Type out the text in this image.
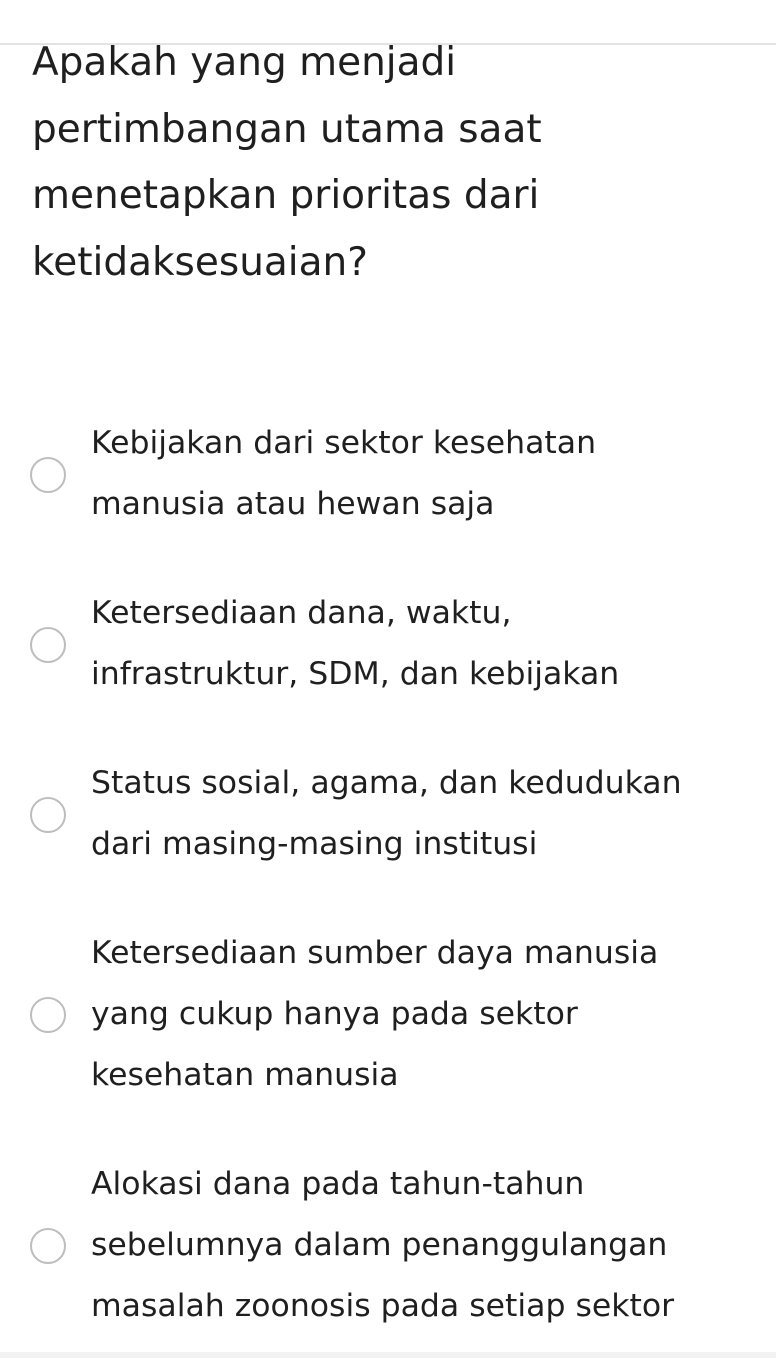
Apakah yang menjadi
pertimbangan utama saat
menetapkan prioritas dari
ketidaksesuaian?
Kebijakan dari sektor kesehatan
manusia atau hewan saja
Ketersediaan dana, waktu,
infrastruktur, SDM, dan kebijakan
Status sosial, agama, dan kedudukan
dari masing-masing institusi
Ketersediaan sumber daya manusia
yang cukup hanya pada sektor
kesehatan manusia
Alokasi dana pada tahun-tahun
sebelumnya dalam penanggulangan
masalah zoonosis pada setiap sektor
